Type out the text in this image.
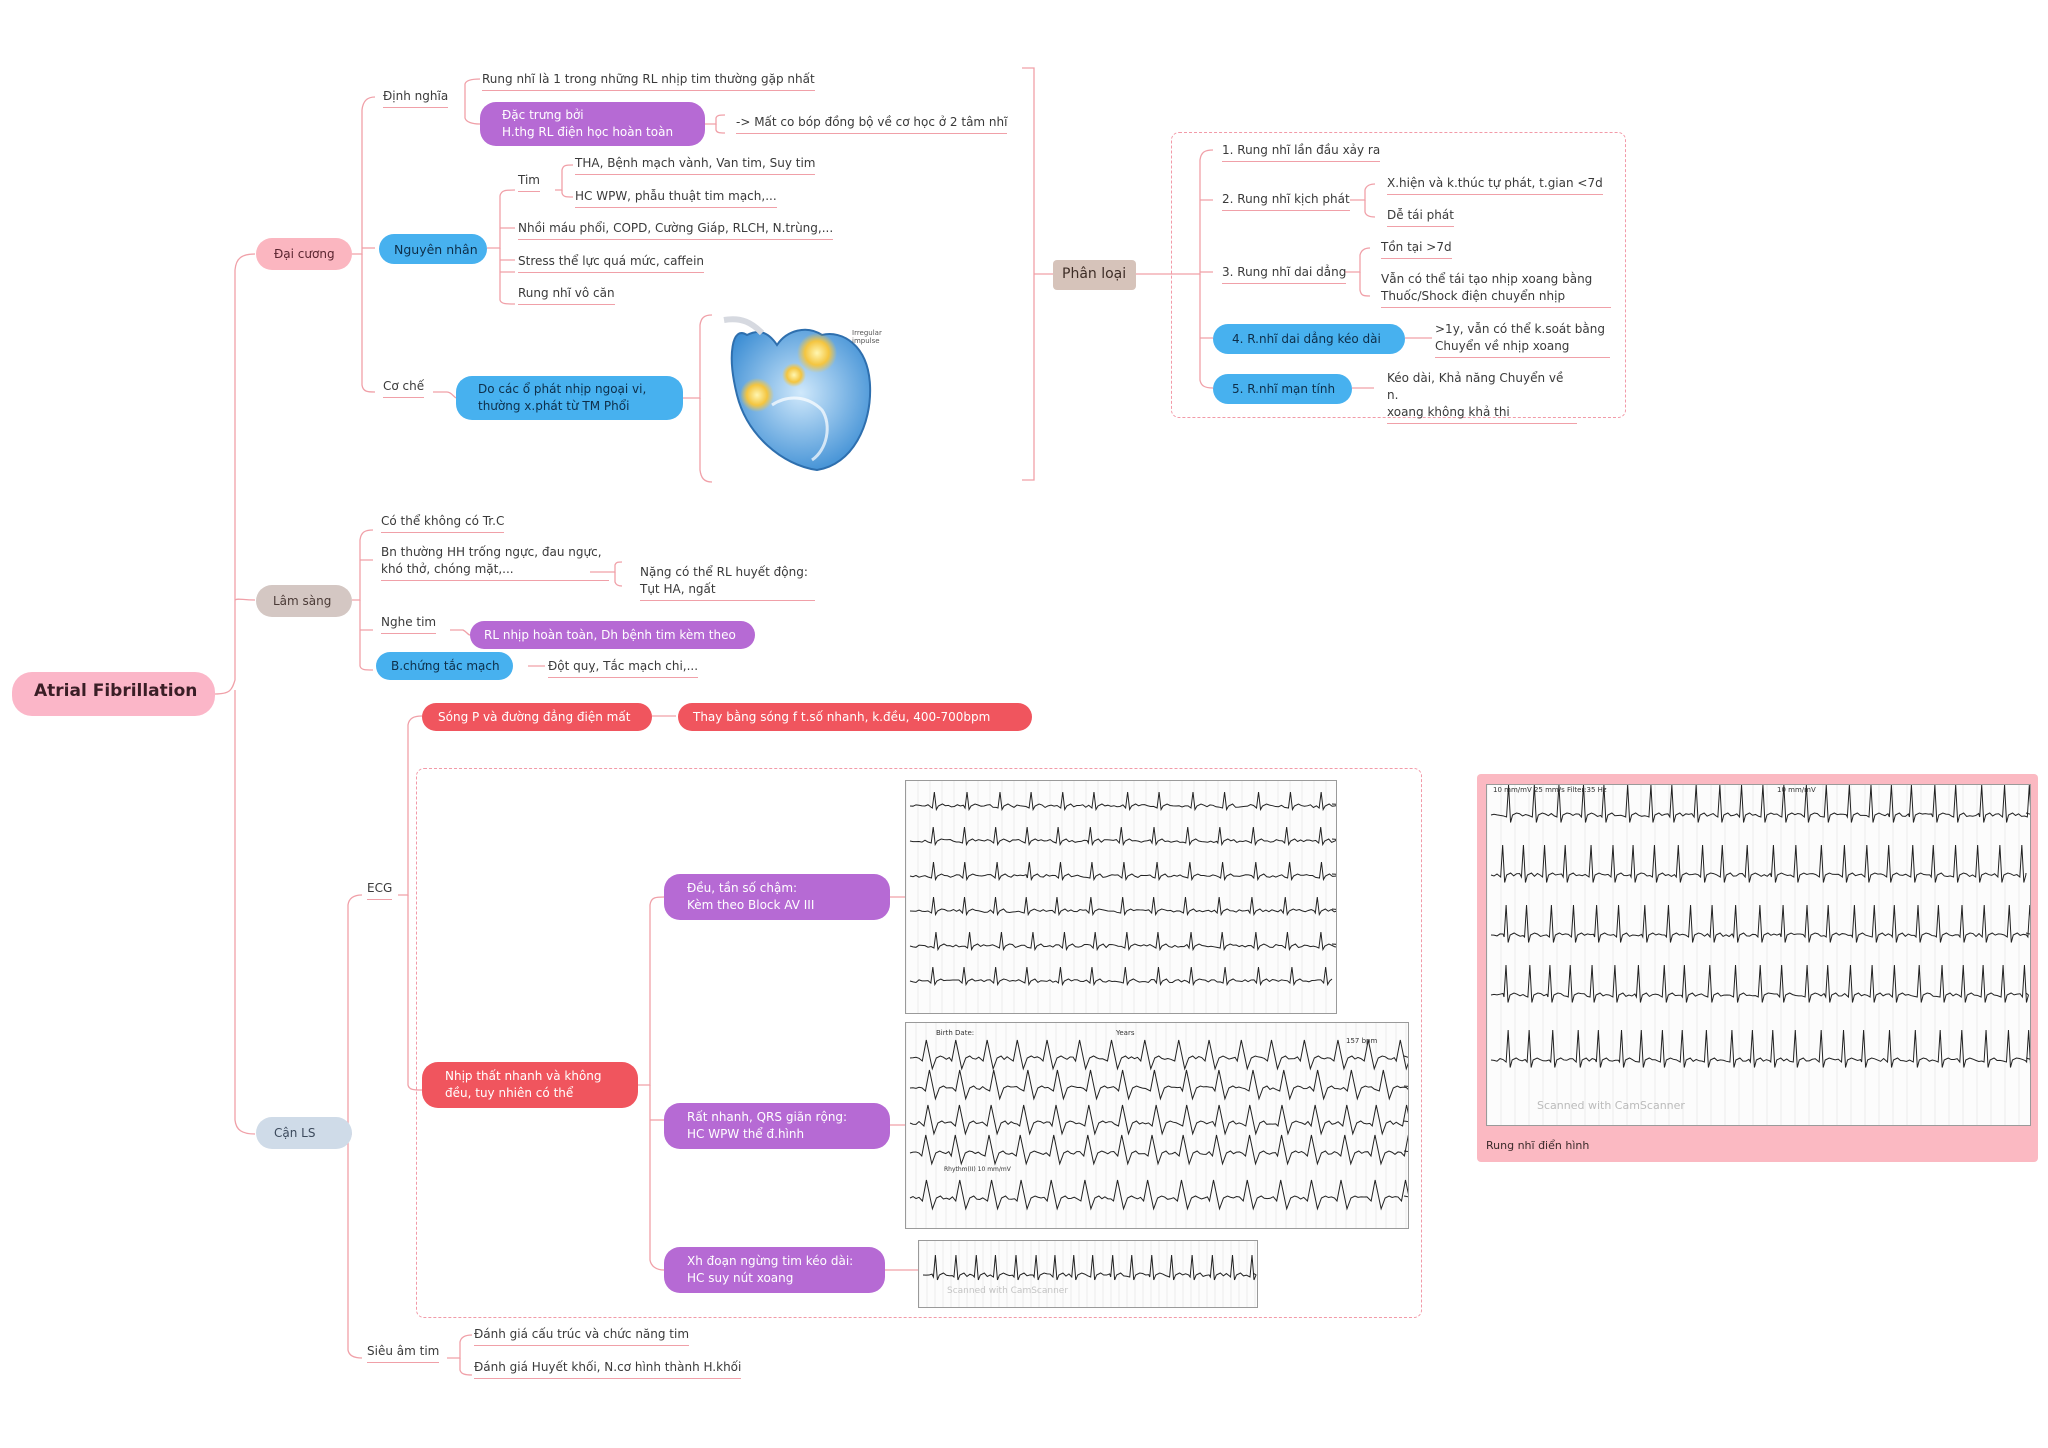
Atrial Fibrillation
Đại cương
Định nghĩa
Rung nhĩ là 1 trong những RL nhịp tim thường gặp nhất
Đặc trưng bởi
H.thg RL điện học hoàn toàn
-> Mất co bóp đồng bộ về cơ học ở 2 tâm nhĩ
Nguyên nhân
Tim
THA, Bệnh mạch vành, Van tim, Suy tim
HC WPW, phẫu thuật tim mạch,...
Nhồi máu phổi, COPD, Cường Giáp, RLCH, N.trùng,...
Stress thể lực quá mức, caffein
Rung nhĩ vô căn
Cơ chế	Do các ổ phát nhịp ngoại vi,
thường x.phát từ TM Phổi
Irregular
impulse
Phân loại
1. Rung nhĩ lần đầu xảy ra
2. Rung nhĩ kịch phát
X.hiện và k.thúc tự phát, t.gian <7d
Dễ tái phát
3. Rung nhĩ dai dẳng
Tồn tại >7d
Vẫn có thể tái tạo nhịp xoang bằng
Thuốc/Shock điện chuyển nhịp
4. R.nhĩ dai dẳng kéo dài
>1y, vẫn có thể k.soát bằng
Chuyển về nhịp xoang
5. R.nhĩ mạn tính
Kéo dài, Khả năng Chuyển về n.
xoang không khả thi
Lâm sàng
Có thể không có Tr.C
Bn thường HH trống ngực, đau ngực,
khó thở, chóng mặt,...	Nặng có thể RL huyết động:
Tụt HA, ngất
Nghe tim
RL nhịp hoàn toàn, Dh bệnh tim kèm theo
B.chứng tắc mạch	Đột quỵ, Tắc mạch chi,...
Cận LS
ECG
Sóng P và đường đẳng điện mất	Thay bằng sóng f t.số nhanh, k.đều, 400-700bpm
Nhịp thất nhanh và không
đều, tuy nhiên có thể
Đều, tần số chậm:
Kèm theo Block AV III
Rất nhanh, QRS giãn rộng:
HC WPW thể đ.hình
Xh đoạn ngừng tim kéo dài:
HC suy nút xoang
Birth Date:	Years
157 bpm
Rhythm(II) 10 mm/mV
Scanned with CamScanner
10 mm/mV 25 mm/s Filter:35 Hz	10 mm/mV
Scanned with CamScanner
Rung nhĩ điển hình
Siêu âm tim
Đánh giá cấu trúc và chức năng tim
Đánh giá Huyết khối, N.cơ hình thành H.khối
